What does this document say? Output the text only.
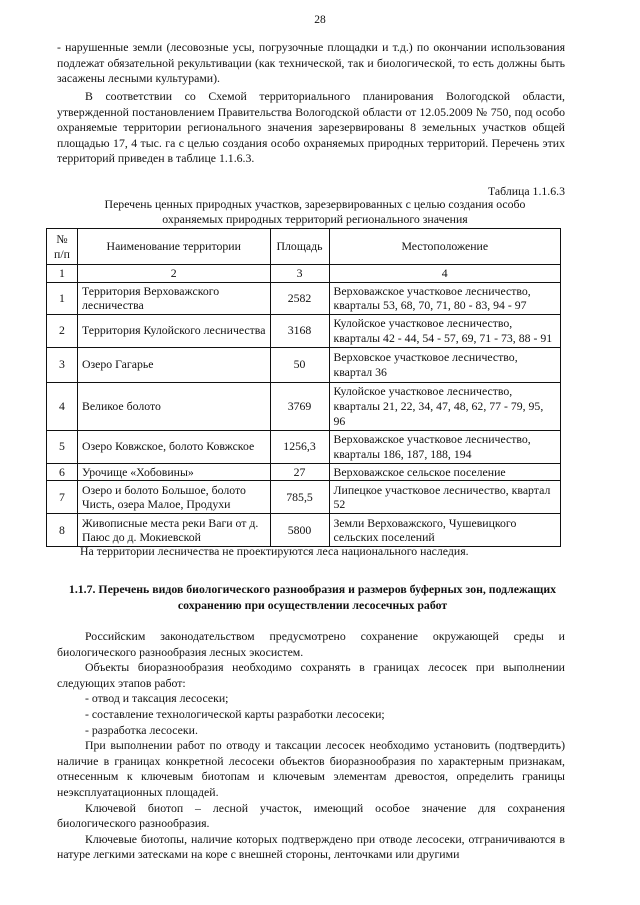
28
- нарушенные земли (лесовозные усы, погрузочные площадки и т.д.) по окончании использования подлежат обязательной рекультивации (как технической, так и биологической, то есть должны быть засажены лесными культурами).
В соответствии со Схемой территориального планирования Вологодской области, утвержденной постановлением Правительства Вологодской области от 12.05.2009 № 750, под особо охраняемые территории регионального значения зарезервированы 8 земельных участков общей площадью 17, 4 тыс. га с целью создания особо охраняемых природных территорий. Перечень этих территорий приведен в таблице 1.1.6.3.
Таблица 1.1.6.3
Перечень ценных природных участков, зарезервированных с целью создания особо
охраняемых природных территорий регионального значения
№ п/п	Наименование территории	Площадь	Местоположение
1	2	3	4
1	Территория Верховажского лесничества	2582	Верховажское участковое лесничество, кварталы 53, 68, 70, 71, 80 - 83, 94 - 97
2	Территория Кулойского лесничества	3168	Кулойское участковое лесничество, кварталы 42 - 44, 54 - 57, 69, 71 - 73, 88 - 91
3	Озеро Гагарье	50	Верховское участковое лесничество, квартал 36
4	Великое болото	3769	Кулойское участковое лесничество, кварталы 21, 22, 34, 47, 48, 62, 77 - 79, 95, 96
5	Озеро Ковжское, болото Ковжское	1256,3	Верховажское участковое лесничество, кварталы 186, 187, 188, 194
6	Урочище «Хобовины»	27	Верховажское сельское поселение
7	Озеро и болото Большое, болото Чисть, озера Малое, Продухи	785,5	Липецкое участковое лесничество, квартал 52
8	Живописные места реки Ваги от д. Паюс до д. Мокиевской	5800	Земли Верховажского, Чушевицкого сельских поселений
На территории лесничества не проектируются леса национального наследия.
1.1.7. Перечень видов биологического разнообразия и размеров буферных зон, подлежащих сохранению при осуществлении лесосечных работ

Российским законодательством предусмотрено сохранение окружающей среды и биологического разнообразия лесных экосистем.

Объекты биоразнообразия необходимо сохранять в границах лесосек при выполнении следующих этапов работ:

- отвод и таксация лесосеки;

- составление технологической карты разработки лесосеки;

- разработка лесосеки.

При выполнении работ по отводу и таксации лесосек необходимо установить (подтвердить) наличие в границах конкретной лесосеки объектов биоразнообразия по характерным признакам, отнесенным к ключевым биотопам и ключевым элементам древостоя, определить границы неэксплуатационных площадей.

Ключевой биотоп – лесной участок, имеющий особое значение для сохранения биологического разнообразия.

Ключевые биотопы, наличие которых подтверждено при отводе лесосеки, отграничиваются в натуре легкими затесками на коре с внешней стороны, ленточками или другими
